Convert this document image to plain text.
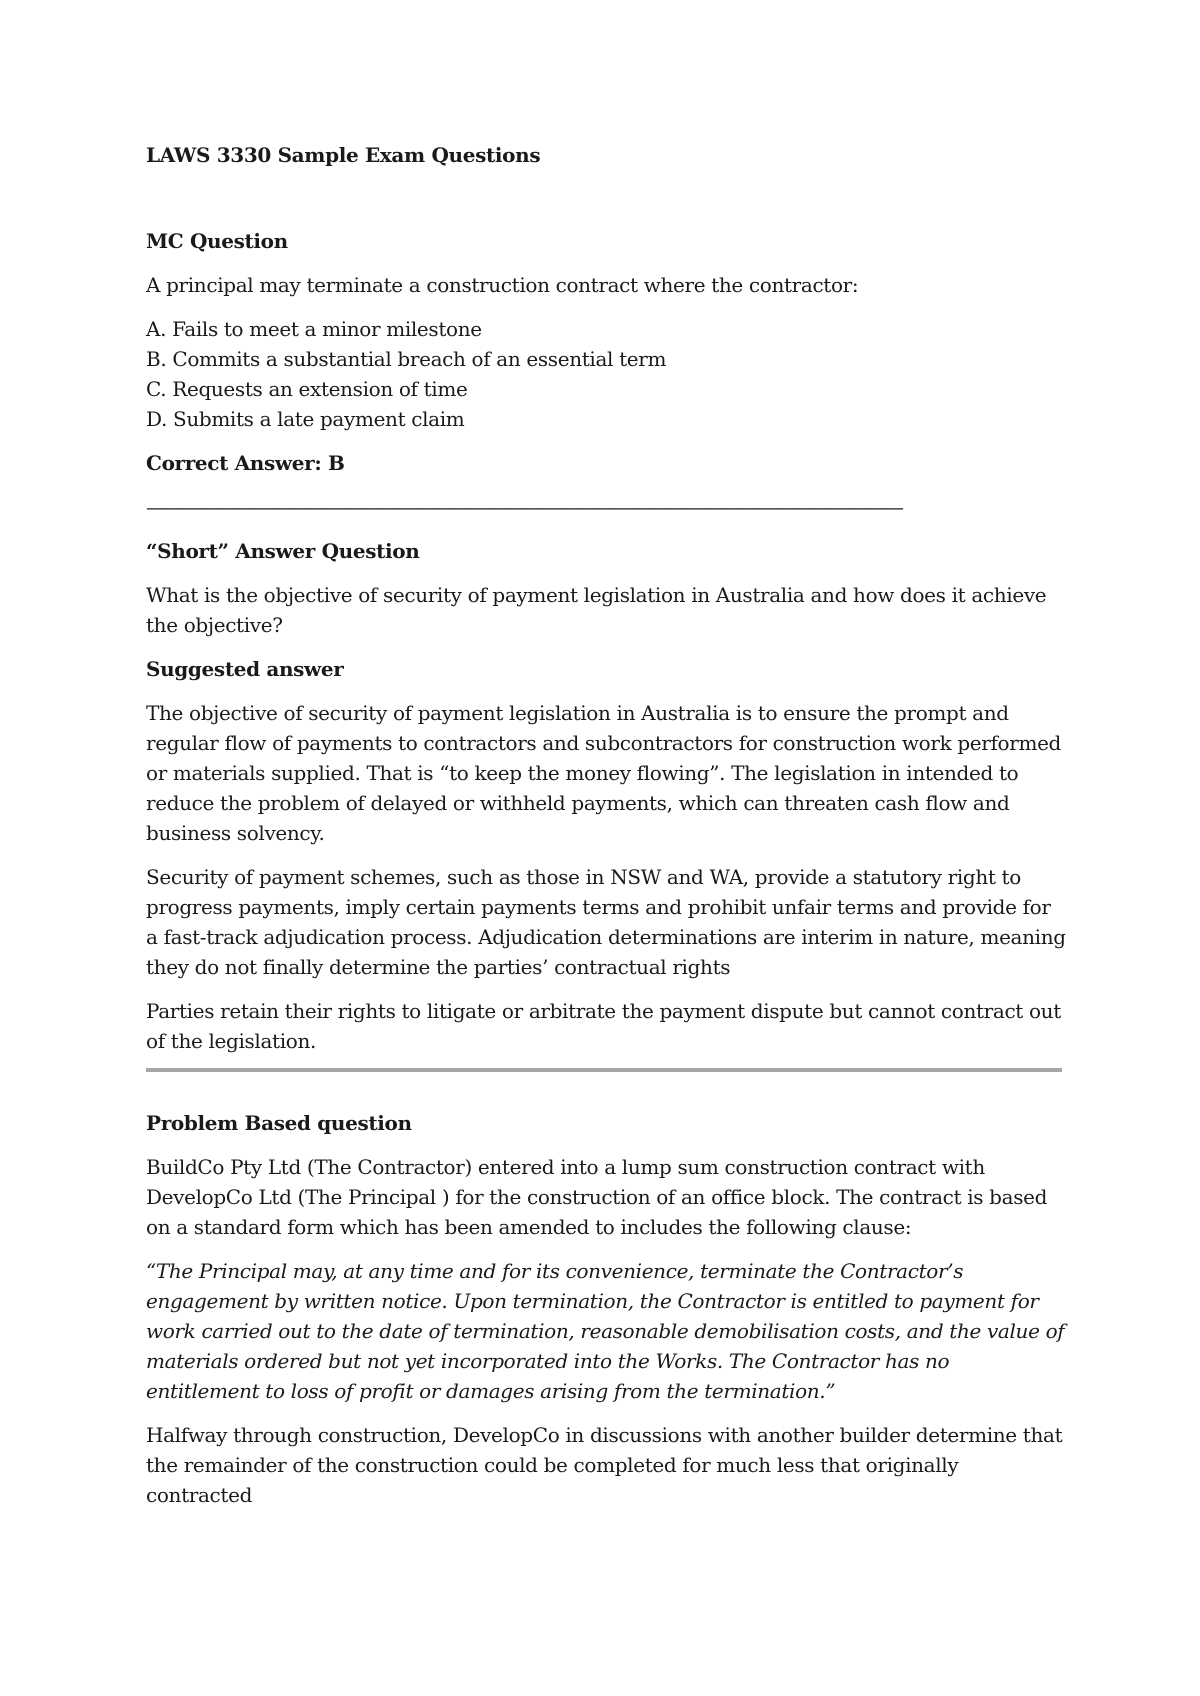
LAWS 3330 Sample Exam Questions

MC Question

A principal may terminate a construction contract where the contractor:

A. Fails to meet a minor milestone
B. Commits a substantial breach of an essential term
C. Requests an extension of time
D. Submits a late payment claim

Correct Answer: B

——————————————————————————————————————————

“Short” Answer Question

What is the objective of security of payment legislation in Australia and how does it achieve the objective?

Suggested answer

The objective of security of payment legislation in Australia is to ensure the prompt and regular flow of payments to contractors and subcontractors for construction work performed or materials supplied. That is “to keep the money flowing”. The legislation in intended to reduce the problem of delayed or withheld payments, which can threaten cash flow and business solvency.

Security of payment schemes, such as those in NSW and WA, provide a statutory right to progress payments, imply certain payments terms and prohibit unfair terms and provide for a fast-track adjudication process. Adjudication determinations are interim in nature, meaning they do not finally determine the parties’ contractual rights

Parties retain their rights to litigate or arbitrate the payment dispute but cannot contract out of the legislation.

Problem Based question

BuildCo Pty Ltd (The Contractor) entered into a lump sum construction contract with DevelopCo Ltd (The Principal ) for the construction of an office block. The contract is based on a standard form which has been amended to includes the following clause:

“The Principal may, at any time and for its convenience, terminate the Contractor’s engagement by written notice. Upon termination, the Contractor is entitled to payment for work carried out to the date of termination, reasonable demobilisation costs, and the value of materials ordered but not yet incorporated into the Works. The Contractor has no entitlement to loss of profit or damages arising from the termination.”

Halfway through construction, DevelopCo in discussions with another builder determine that the remainder of the construction could be completed for much less that originally contracted
